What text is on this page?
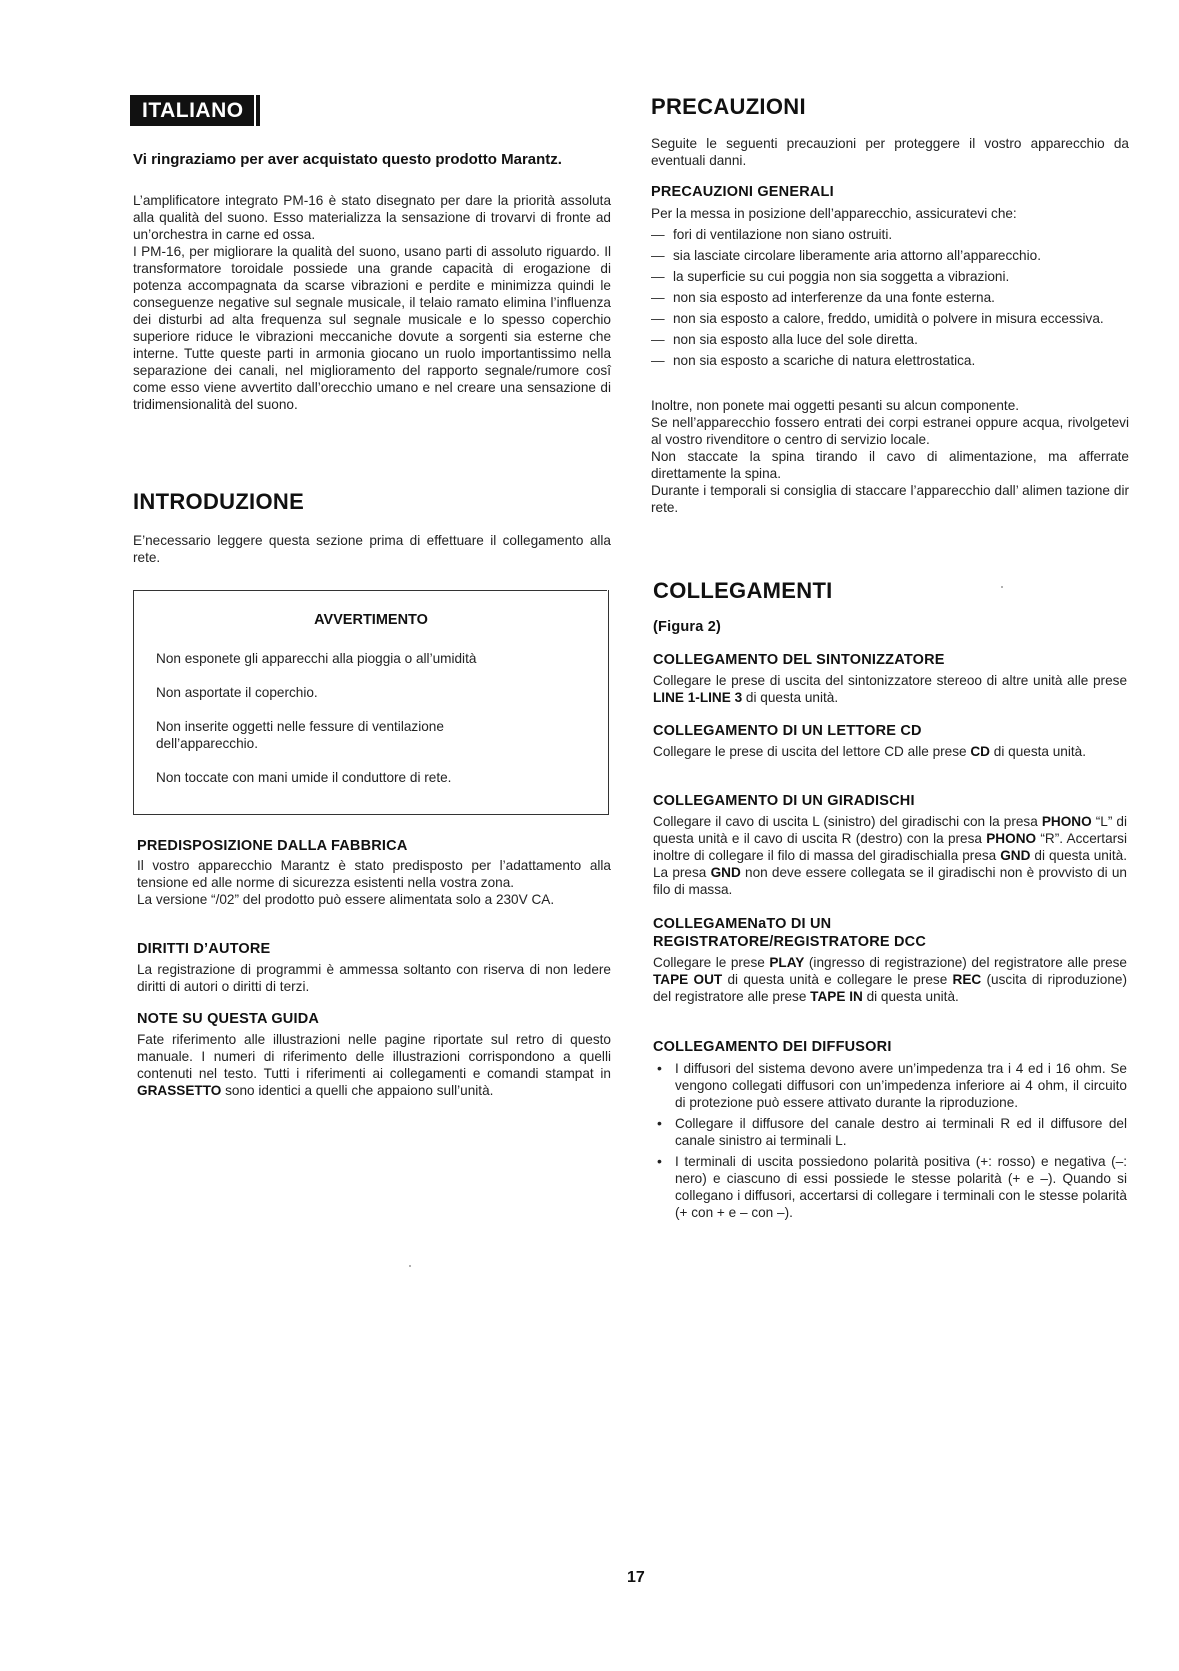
ITALIANO
Vi ringraziamo per aver acquistato questo prodotto Marantz.

L’amplificatore integrato PM-16 è stato disegnato per dare la priorità assoluta alla qualità del suono. Esso materializza la sensazione di trovarvi di fronte ad un’orchestra in carne ed ossa.

I PM-16, per migliorare la qualità del suono, usano parti di assoluto riguardo. Il transformatore toroidale possiede una grande capacità di erogazione di potenza accompagnata da scarse vibrazioni e perdite e minimizza quindi le conseguenze negative sul segnale musicale, il telaio ramato elimina l’influenza dei disturbi ad alta frequenza sul segnale musicale e lo spesso coperchio superiore riduce le vibrazioni meccaniche dovute a sorgenti sia esterne che interne. Tutte queste parti in armonia giocano un ruolo importantissimo nella separazione dei canali, nel miglioramento del rapporto segnale/rumore cosî come esso viene avvertito dall’orecchio umano e nel creare una sensazione di tridimensionalità del suono.

INTRODUZIONE

E’necessario leggere questa sezione prima di effettuare il collegamento alla rete.

AVVERTIMENTO
Non esponete gli apparecchi alla pioggia o all’umidità
Non asportate il coperchio.
Non inserite oggetti nelle fessure di ventilazione dell’apparecchio.
Non toccate con mani umide il conduttore di rete.
PREDISPOSIZIONE DALLA FABBRICA

Il vostro apparecchio Marantz è stato predisposto per l’adattamento alla tensione ed alle norme di sicurezza esistenti nella vostra zona.

La versione “/02” del prodotto può essere alimentata solo a 230V CA.

DIRITTI D’AUTORE

La registrazione di programmi è ammessa soltanto con riserva di non ledere diritti di autori o diritti di terzi.

NOTE SU QUESTA GUIDA

Fate riferimento alle illustrazioni nelle pagine riportate sul retro di questo manuale. I numeri di riferimento delle illustrazioni corrispondono a quelli contenuti nel testo. Tutti i riferimenti ai collegamenti e comandi stampat in GRASSETTO sono identici a quelli che appaiono sull’unità.

PRECAUZIONI

Seguite le seguenti precauzioni per proteggere il vostro apparecchio da eventuali danni.

PRECAUZIONI GENERALI

Per la messa in posizione dell’apparecchio, assicuratevi che:

— fori di ventilazione non siano ostruiti.
— sia lasciate circolare liberamente aria attorno all’apparecchio.
— la superficie su cui poggia non sia soggetta a vibrazioni.
— non sia esposto ad interferenze da una fonte esterna.
— non sia esposto a calore, freddo, umidità o polvere in misura eccessiva.
— non sia esposto alla luce del sole diretta.
— non sia esposto a scariche di natura elettrostatica.

Inoltre, non ponete mai oggetti pesanti su alcun componente.

Se nell’apparecchio fossero entrati dei corpi estranei oppure acqua, rivolgetevi al vostro rivenditore o centro di servizio locale.

Non staccate la spina tirando il cavo di alimentazione, ma afferrate direttamente la spina.

Durante i temporali si consiglia di staccare l’apparecchio dall’ alimen tazione dir rete.

COLLEGAMENTI
(Figura 2)
COLLEGAMENTO DEL SINTONIZZATORE

Collegare le prese di uscita del sintonizzatore stereoo di altre unità alle prese LINE 1-LINE 3 di questa unità.

COLLEGAMENTO DI UN LETTORE CD

Collegare le prese di uscita del lettore CD alle prese CD di questa unità.

COLLEGAMENTO DI UN GIRADISCHI

Collegare il cavo di uscita L (sinistro) del giradischi con la presa PHONO “L” di questa unità e il cavo di uscita R (destro) con la presa PHONO “R”. Accertarsi inoltre di collegare il filo di massa del giradischialla presa GND di questa unità. La presa GND non deve essere collegata se il giradischi non è provvisto di un filo di massa.

COLLEGAMENaTO DI UN REGISTRATORE/REGISTRATORE DCC

Collegare le prese PLAY (ingresso di registrazione) del registratore alle prese TAPE OUT di questa unità e collegare le prese REC (uscita di riproduzione) del registratore alle prese TAPE IN di questa unità.

COLLEGAMENTO DEI DIFFUSORI
• I diffusori del sistema devono avere un’impedenza tra i 4 ed i 16 ohm. Se vengono collegati diffusori con un’impedenza inferiore ai 4 ohm, il circuito di protezione può essere attivato durante la riproduzione.
• Collegare il diffusore del canale destro ai terminali R ed il diffusore del canale sinistro ai terminali L.
• I terminali di uscita possiedono polarità positiva (+: rosso) e negativa (–: nero) e ciascuno di essi possiede le stesse polarità (+ e –). Quando si collegano i diffusori, accertarsi di collegare i terminali con le stesse polarità (+ con + e – con –).
17
